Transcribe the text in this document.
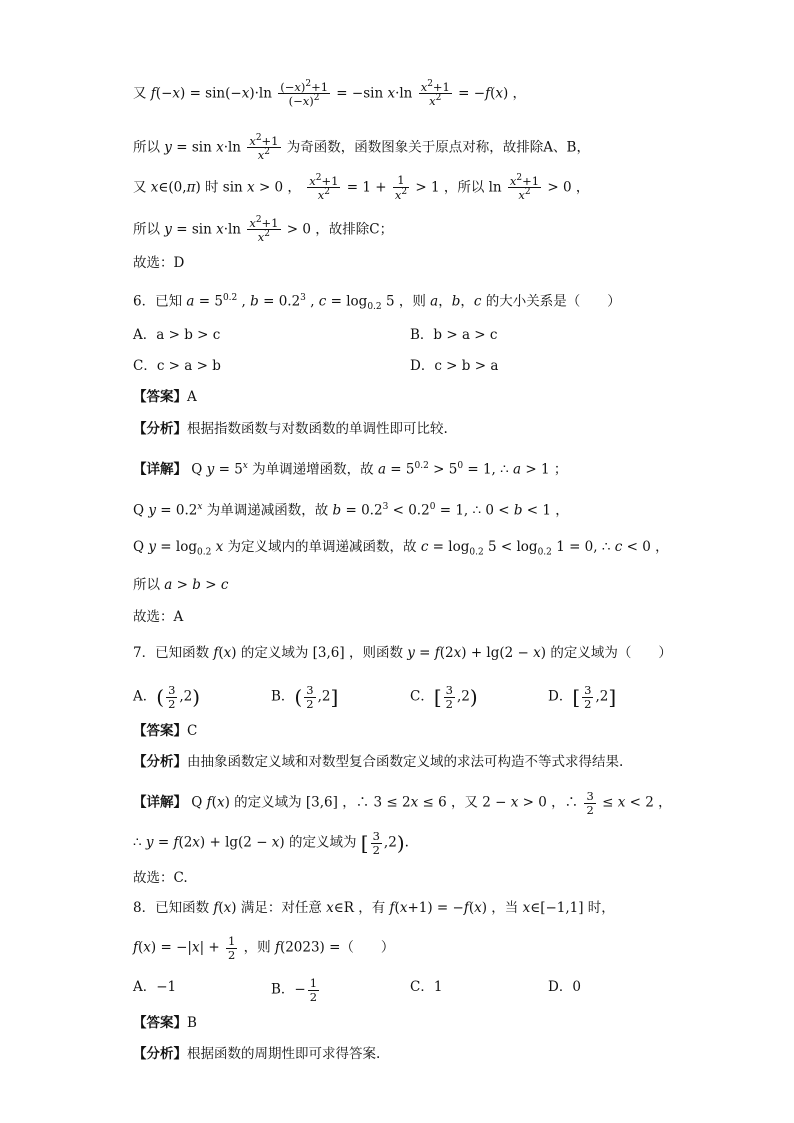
又 $f(-x) = \sin(-x)\cdot\ln \frac{(-x)^2+1}{(-x)^2} = -\sin$ $x\cdot\ln \frac{x^2+1}{x^2} = -f(x)$ ，
所以 $y = \sin x\cdot\ln \frac{x^2+1}{x^2}$ 为奇函数，函数图象关于原点对称，故排除A、B，
又 x∈(0,π) 时 sin x > 0 ， $\frac{x^2+1}{x^2} = 1 + \frac{1}{x^2} > 1$ ，所以 $\ln \frac{x^2+1}{x^2} > 0$ ，
所以 $y = \sin x\cdot\ln \frac{x^2+1}{x^2} > 0$ ，故排除C；
故选：D
6．已知 $a = 5^{0.2}$ , $b = 0.2^3$ , $c = \log_{0.2} 5$ ，则 a，b，c 的大小关系是（　　）
A．a > b > c	B．b > a > c
C．c > a > b	D．c > b > a
【答案】A
【分析】根据指数函数与对数函数的单调性即可比较.
【详解】 Q $y = 5^x$ 为单调递增函数，故 $a = 5^{0.2} > 5^0 = 1$, ∴ a > 1 ；
Q $y = 0.2^x$ 为单调递减函数，故 $b = 0.2^3 < 0.2^0 = 1$, ∴ 0 < b < 1 ，
Q $y = \log_{0.2} x$ 为定义域内的单调递减函数，故 $c = \log_{0.2} 5 < \log_{0.2} 1 = 0$, ∴ c < 0 ，
所以 a > b > c
故选：A
7．已知函数 f(x) 的定义域为 [3,6] ，则函数 y = f(2x) + lg(2 − x) 的定义域为（　　）
A．( $\frac{3}{2} ,2$)	B．( $\frac{3}{2} ,2$]	C．[ $\frac{3}{2} ,2$)	D．[ $\frac{3}{2} ,2$]
【答案】C
【分析】由抽象函数定义域和对数型复合函数定义域的求法可构造不等式求得结果.
【详解】 Q f(x) 的定义域为 [3,6] ，∴ 3 ≤ 2x ≤ 6 ，又 2 − x > 0 ，∴ $\frac{3}{2} \le x < 2$ ，
∴ y = f(2x) + lg(2 − x) 的定义域为 [ $\frac{3}{2} ,2$).
故选：C.
8．已知函数 f(x) 满足：对任意 x∈R ，有 f(x+1) = −f(x) ，当 x∈[−1,1] 时，
$f(x) = -|x| + \frac{1}{2}$ ，则 f(2023) =（　　）
A．−1	B．− $\frac{1}{2}$	C．1	D．0
【答案】B
【分析】根据函数的周期性即可求得答案.
